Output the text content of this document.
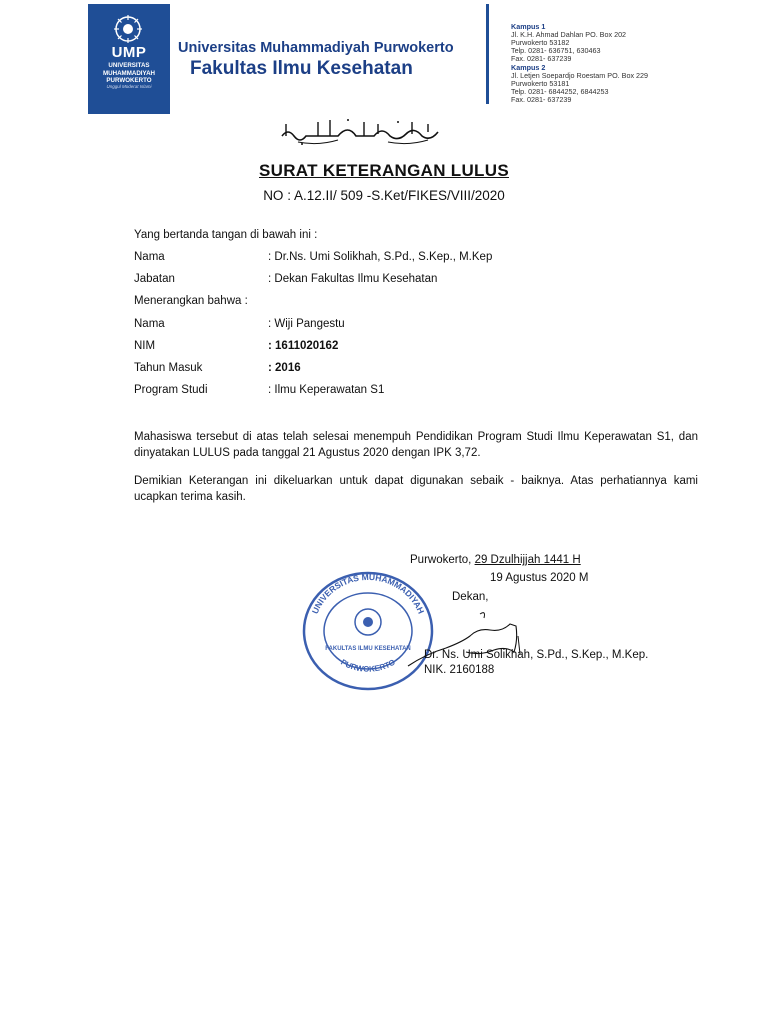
UMP
UNIVERSITAS
MUHAMMADIYAH
PURWOKERTO
Unggul Moderat Islami
Universitas Muhammadiyah Purwokerto
Fakultas Ilmu Kesehatan
Kampus 1
Jl. K.H. Ahmad Dahlan PO. Box 202
Purwokerto 53182
Telp. 0281- 636751, 630463
Fax. 0281- 637239
Kampus 2
Jl. Letjen Soepardjo Roestam PO. Box 229
Purwokerto 53181
Telp. 0281- 6844252, 6844253
Fax. 0281- 637239
SURAT KETERANGAN LULUS
NO : A.12.II/ 509 -S.Ket/FIKES/VIII/2020
Yang bertanda tangan di bawah ini :
Nama	: Dr.Ns. Umi Solikhah, S.Pd., S.Kep., M.Kep
Jabatan	: Dekan Fakultas Ilmu Kesehatan
Menerangkan bahwa :
Nama	: Wiji Pangestu
NIM	: 1611020162
Tahun Masuk	: 2016
Program Studi	: Ilmu Keperawatan S1
Mahasiswa tersebut di atas telah selesai menempuh Pendidikan Program Studi Ilmu Keperawatan S1, dan dinyatakan LULUS pada tanggal 21 Agustus 2020 dengan IPK 3,72.
Demikian Keterangan ini dikeluarkan untuk dapat digunakan sebaik - baiknya. Atas perhatiannya kami ucapkan terima kasih.
UNIVERSITAS MUHAMMADIYAH
PURWOKERTO
FAKULTAS ILMU KESEHATAN
Purwokerto, 29 Dzulhijjah 1441 H
19 Agustus 2020 M
Dekan,
Dr. Ns. Umi Solikhah, S.Pd., S.Kep., M.Kep.
NIK. 2160188
